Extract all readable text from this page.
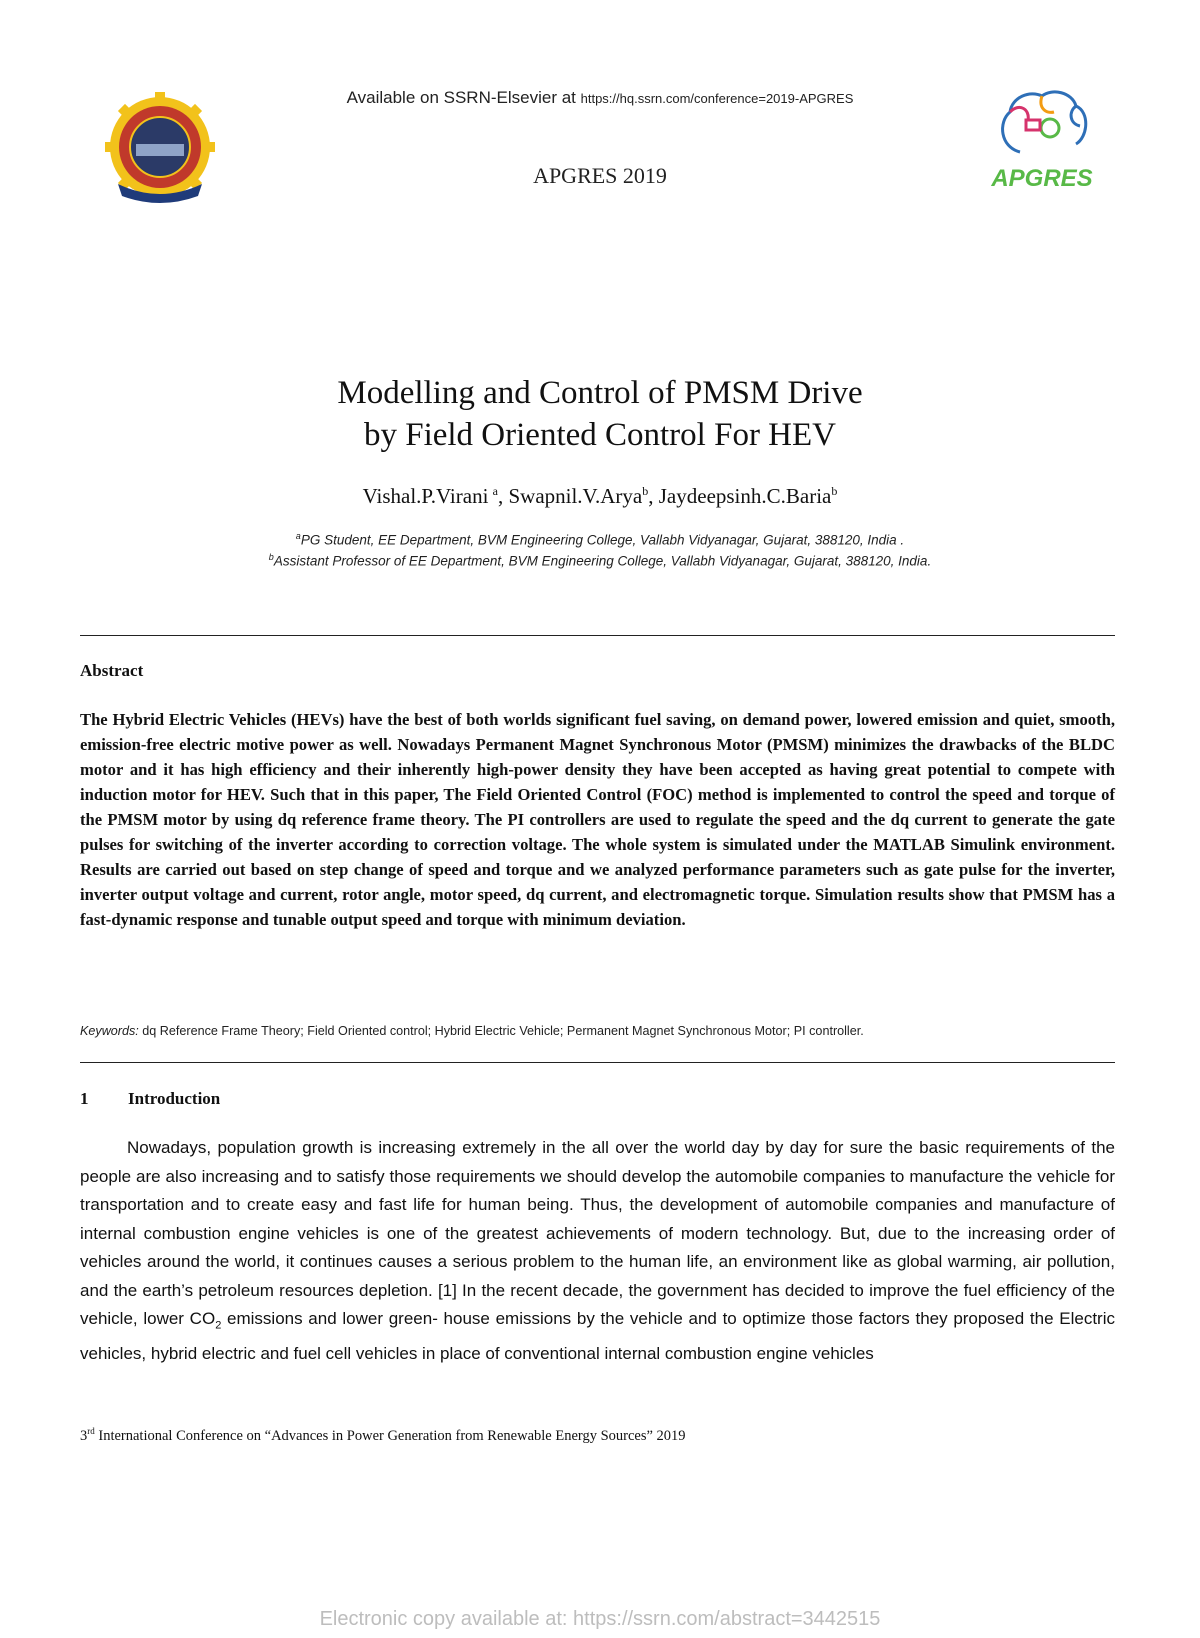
Available on SSRN-Elsevier at https://hq.ssrn.com/conference=2019-APGRES
APGRES 2019	APGRES
Modelling and Control of PMSM Drive
by Field Oriented Control For HEV
Vishal.P.Virani  $^a$, Swapnil.V.Arya$^b$, Jaydeepsinh.C.Baria$^b$
$^a$PG Student, EE Department, BVM Engineering College, Vallabh Vidyanagar, Gujarat, 388120, India .
$^b$Assistant Professor of EE Department, BVM Engineering College, Vallabh Vidyanagar, Gujarat, 388120, India.
Abstract
The Hybrid Electric Vehicles (HEVs) have the best of both worlds significant fuel saving, on demand power, lowered emission and quiet, smooth, emission-free electric motive power as well. Nowadays Permanent Magnet Synchronous Motor (PMSM) minimizes the drawbacks of the BLDC motor and it has high efficiency and their inherently high-power density they have been accepted as having great potential to compete with induction motor for HEV. Such that in this paper, The Field Oriented Control (FOC) method is implemented to control the speed and torque of the PMSM motor by using dq reference frame theory. The PI controllers are used to regulate the speed and the dq current to generate the gate pulses for switching of the inverter according to correction voltage. The whole system is simulated under the MATLAB Simulink environment. Results are carried out based on step change of speed and torque and we analyzed performance parameters such as gate pulse for the inverter, inverter output voltage and current, rotor angle, motor speed, dq current, and electromagnetic torque. Simulation results show that PMSM has a fast-dynamic response and tunable output speed and torque with minimum deviation.
Keywords: dq Reference Frame Theory; Field Oriented control; Hybrid Electric Vehicle; Permanent Magnet Synchronous Motor; PI controller.
1 Introduction
Nowadays, population growth is increasing extremely in the all over the world day by day for sure the basic requirements of the people are also increasing and to satisfy those requirements we should develop the automobile companies to manufacture the vehicle for transportation and to create easy and fast life for human being. Thus, the development of automobile companies and manufacture of internal combustion engine vehicles is one of the greatest achievements of modern technology. But, due to the increasing order of vehicles around the world, it continues causes a serious problem to the human life, an environment like as global warming, air pollution, and the earth’s petroleum resources depletion. [1] In the recent decade, the government has decided to improve the fuel efficiency of the vehicle, lower $CO_2$ emissions and lower green- house emissions by the vehicle and to optimize those factors they proposed the Electric vehicles, hybrid electric and fuel cell vehicles in place of conventional internal combustion engine vehicles
3rd International Conference on “Advances in Power Generation from Renewable Energy Sources” 2019
Electronic copy available at: https://ssrn.com/abstract=3442515
